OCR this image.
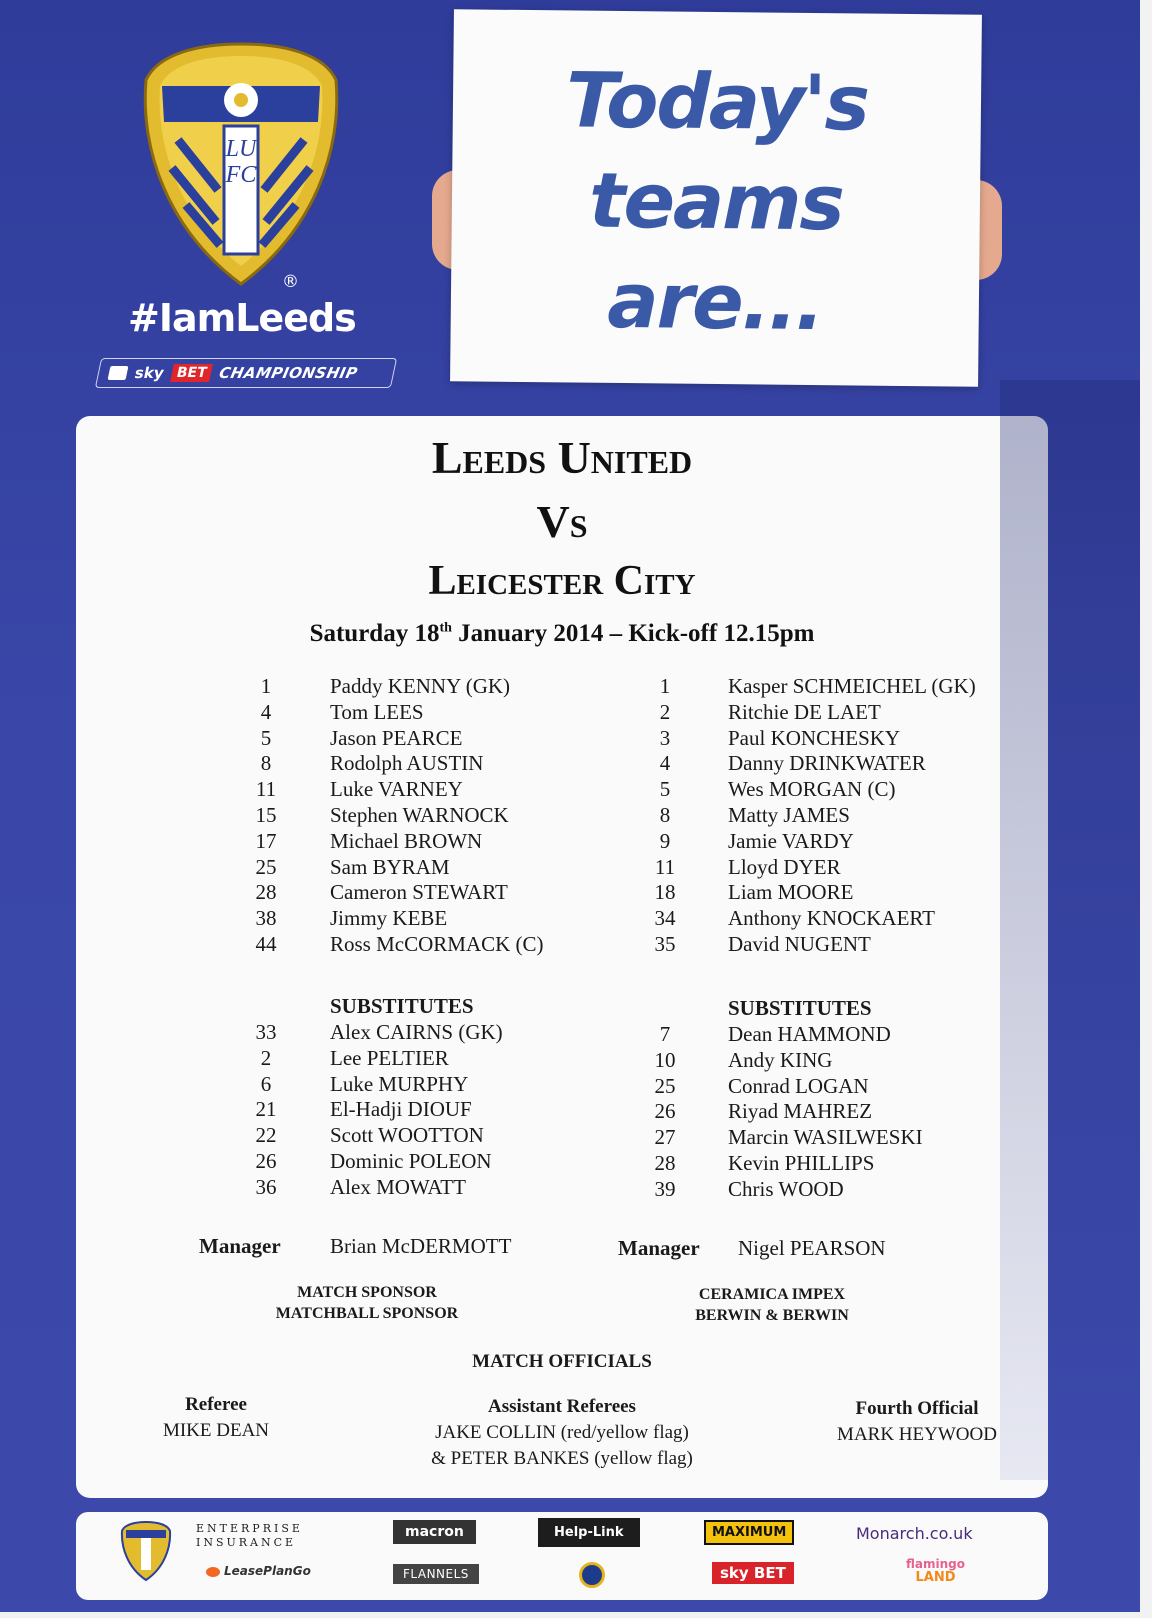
LUFC
®
#IamLeeds
sky BET CHAMPIONSHIP
Today's
teams
are...
Leeds United
Vs
Leicester City
Saturday 18th January 2014 – Kick-off 12.15pm
1	Paddy KENNY (GK)
4	Tom LEES
5	Jason PEARCE
8	Rodolph AUSTIN
11	Luke VARNEY
15	Stephen WARNOCK
17	Michael BROWN
25	Sam BYRAM
28	Cameron STEWART
38	Jimmy KEBE
44	Ross McCORMACK (C)
1	Kasper SCHMEICHEL (GK)
2	Ritchie DE LAET
3	Paul KONCHESKY
4	Danny DRINKWATER
5	Wes MORGAN (C)
8	Matty JAMES
9	Jamie VARDY
11	Lloyd DYER
18	Liam MOORE
34	Anthony KNOCKAERT
35	David NUGENT
SUBSTITUTES	SUBSTITUTES
33	Alex CAIRNS (GK)
2	Lee PELTIER
6	Luke MURPHY
21	El-Hadji DIOUF
22	Scott WOOTTON
26	Dominic POLEON
36	Alex MOWATT
7	Dean HAMMOND
10	Andy KING
25	Conrad LOGAN
26	Riyad MAHREZ
27	Marcin WASILWESKI
28	Kevin PHILLIPS
39	Chris WOOD
Manager Brian McDERMOTT	Manager Nigel PEARSON
MATCH SPONSOR
MATCHBALL SPONSOR
CERAMICA IMPEX
BERWIN & BERWIN
MATCH OFFICIALS
Referee
MIKE DEAN
Assistant Referees
JAKE COLLIN (red/yellow flag)
& PETER BANKES (yellow flag)
Fourth Official
MARK HEYWOOD
ENTERPRISE
INSURANCE
LeasePlanGo
macron
FLANNELS
Help-Link	MAXIMUM
sky BET
Monarch.co.uk
flamingo
LAND
